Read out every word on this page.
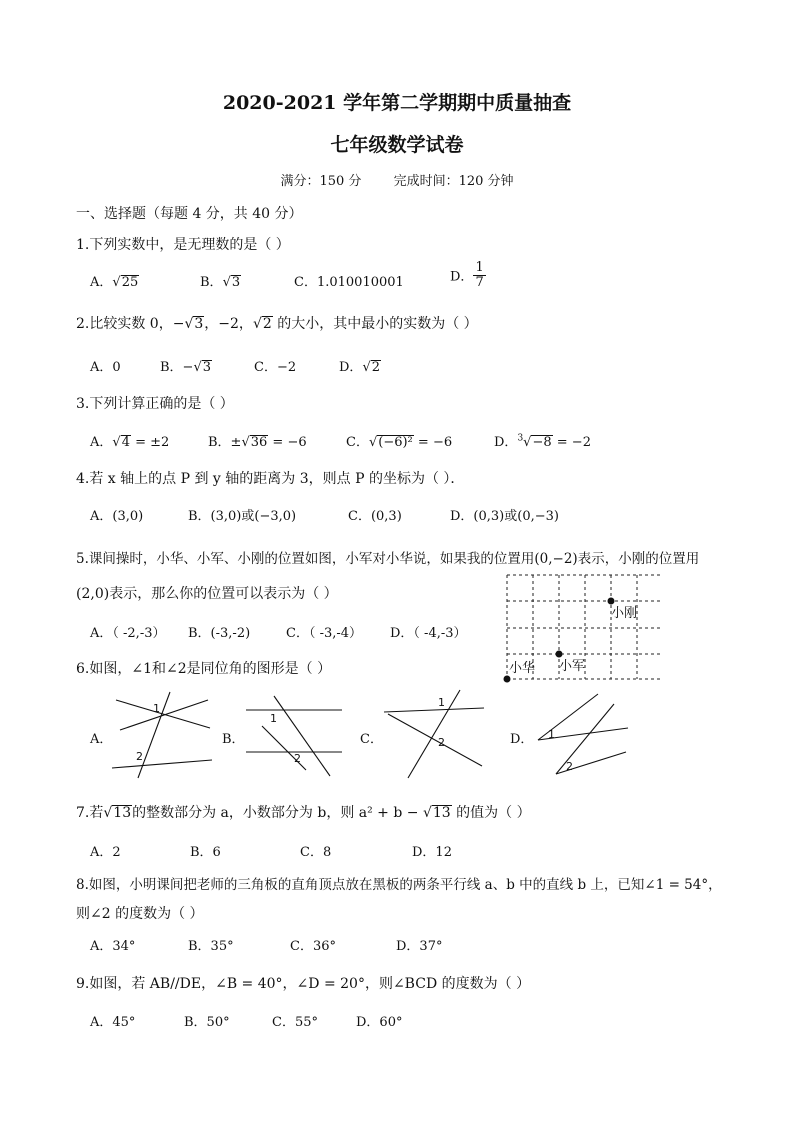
2020-2021 学年第二学期期中质量抽查
七年级数学试卷
满分：150 分 完成时间：120 分钟
一、选择题（每题 4 分，共 40 分）
1.下列实数中，是无理数的是（ ）
A．√25	B．√3	C．1.010010001	D． $\frac{1}{7}$
2.比较实数 0，−√3，−2，√2 的大小，其中最小的实数为（ ）
A．0	B．−√3	C．−2	D．√2
3.下列计算正确的是（ ）
A．√4 = ±2	B．±√36 = −6	C．√(−6)² = −6	D．$^3$√−8 = −2
4.若 x 轴上的点 P 到 y 轴的距离为 3，则点 P 的坐标为（ ）．
A．(3,0)	B．(3,0)或(−3,0)	C．(0,3)	D．(0,3)或(0,−3)
5.课间操时，小华、小军、小刚的位置如图，小军对小华说，如果我的位置用(0,−2)表示，小刚的位置用
(2,0)表示，那么你的位置可以表示为（ ）
A．（ -2,-3） B．(-3,-2)	C．（ -3,-4） D．（ -4,-3）
小刚
小华 小军
6.如图，∠1和∠2是同位角的图形是（ ）
A．	B．	C．	D．
1
2
1
2
1
2
1
2
7.若√13的整数部分为 a，小数部分为 b，则 a² + b − √13 的值为（ ）
A．2	B．6	C．8	D．12
8.如图，小明课间把老师的三角板的直角顶点放在黑板的两条平行线 a、b 中的直线 b 上，已知∠1 = 54°，
则∠2 的度数为（ ）
A．34°	B．35°	C．36°	D．37°
9.如图，若 AB//DE，∠B = 40°，∠D = 20°，则∠BCD 的度数为（ ）
A．45°	B．50°	C．55°	D．60°
